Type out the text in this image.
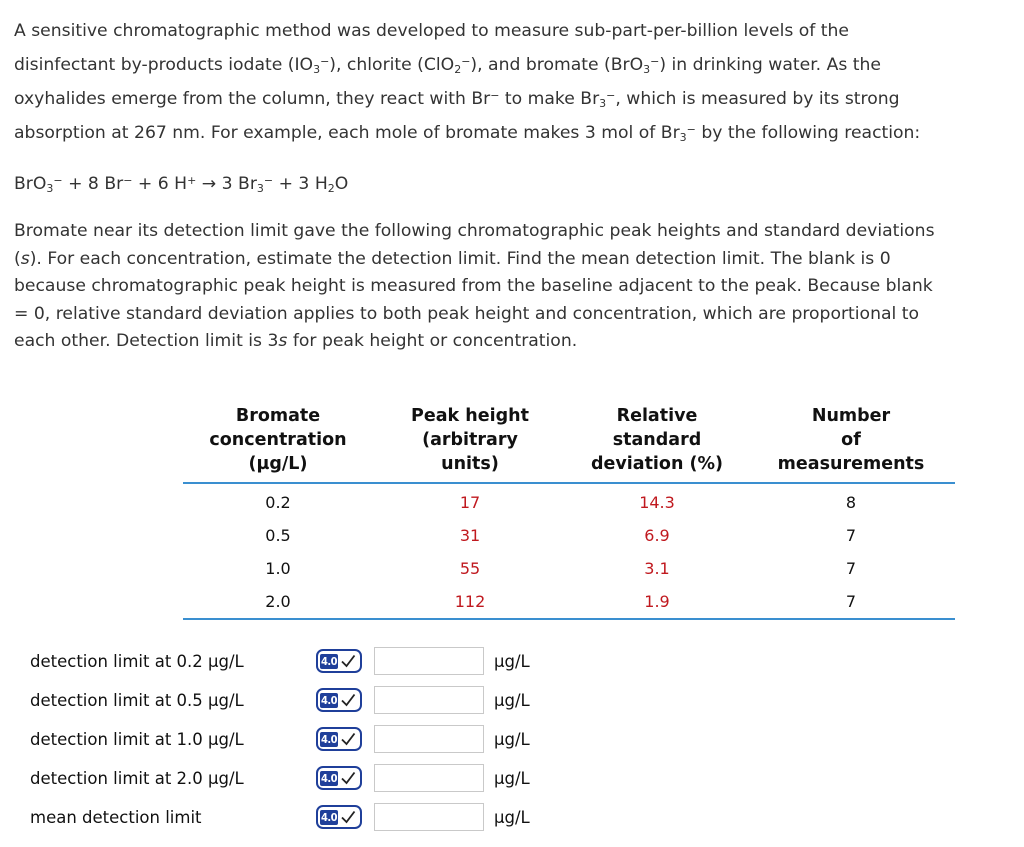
A sensitive chromatographic method was developed to measure sub-part-per-billion levels of the

disinfectant by-products iodate $(IO_3^-)$, chlorite (ClO$_2$−), and bromate (BrO$_3$−) in drinking water. As the

oxyhalides emerge from the column, they react with Br− to make $Br_3^-$, which is measured by its strong

absorption at 267 nm. For example, each mole of bromate makes 3 mol of $Br_3^-$ by the following reaction:

BrO$_3$− + 8 Br− + 6 H+ → 3 $Br_3^- + 3$ $H_2O$
Bromate near its detection limit gave the following chromatographic peak heights and standard deviations
(s). For each concentration, estimate the detection limit. Find the mean detection limit. The blank is 0
because chromatographic peak height is measured from the baseline adjacent to the peak. Because blank
= 0, relative standard deviation applies to both peak height and concentration, which are proportional to
each other. Detection limit is 3s for peak height or concentration.
Bromate
concentration
(µg/L)	Peak height
(arbitrary
units)	Relative
standard
deviation (%)	Number
of
measurements
0.2	17	14.3	8
0.5	31	6.9	7
1.0	55	3.1	7
2.0	112	1.9	7
detection limit at 0.2 µg/L	4.0	µg/L
detection limit at 0.5 µg/L	4.0	µg/L
detection limit at 1.0 µg/L	4.0	µg/L
detection limit at 2.0 µg/L	4.0	µg/L
mean detection limit	4.0	µg/L
